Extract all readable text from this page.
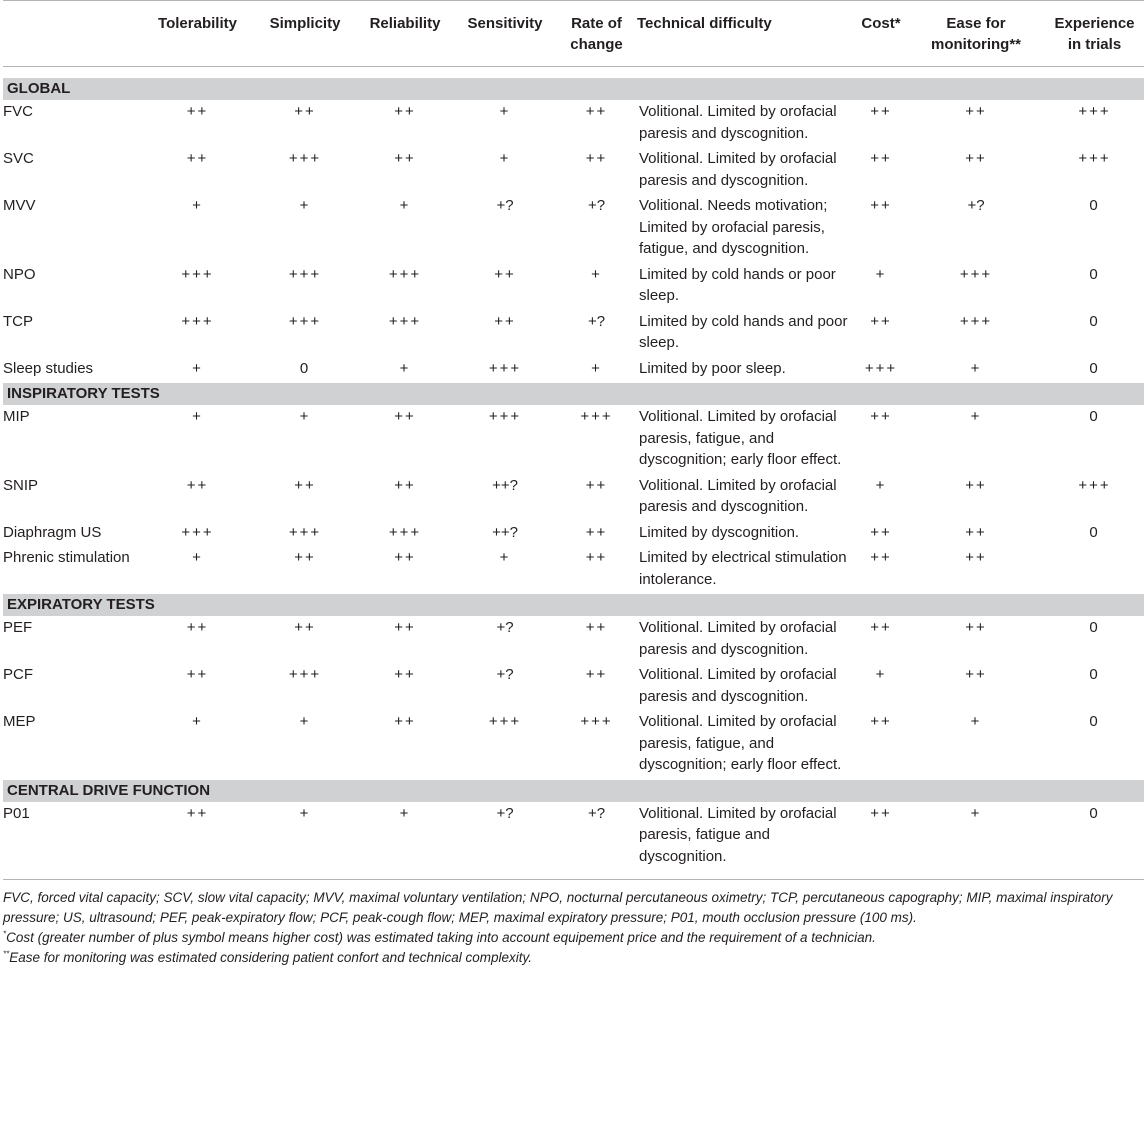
	Tolerability	Simplicity	Reliability	Sensitivity	Rate of change	Technical difficulty	Cost*	Ease for monitoring**	Experience in trials

GLOBAL									
FVC	++	++	++	+	++	Volitional. Limited by orofacial paresis and dyscognition.	++	++	+++
SVC	++	+++	++	+	++	Volitional. Limited by orofacial paresis and dyscognition.	++	++	+++
MVV	+	+	+	+?	+?	Volitional. Needs motivation; Limited by orofacial paresis, fatigue, and dyscognition.	++	+?	0
NPO	+++	+++	+++	++	+	Limited by cold hands or poor sleep.	+	+++	0
TCP	+++	+++	+++	++	+?	Limited by cold hands and poor sleep.	++	+++	0
Sleep studies	+	0	+	+++	+	Limited by poor sleep.	+++	+	0
INSPIRATORY TESTS									
MIP	+	+	++	+++	+++	Volitional. Limited by orofacial paresis, fatigue, and dyscognition; early floor effect.	++	+	0
SNIP	++	++	++	++?	++	Volitional. Limited by orofacial paresis and dyscognition.	+	++	+++
Diaphragm US	+++	+++	+++	++?	++	Limited by dyscognition.	++	++	0
Phrenic stimulation	+	++	++	+	++	Limited by electrical stimulation intolerance.	++	++	
EXPIRATORY TESTS									
PEF	++	++	++	+?	++	Volitional. Limited by orofacial paresis and dyscognition.	++	++	0
PCF	++	+++	++	+?	++	Volitional. Limited by orofacial paresis and dyscognition.	+	++	0
MEP	+	+	++	+++	+++	Volitional. Limited by orofacial paresis, fatigue, and dyscognition; early floor effect.	++	+	0
CENTRAL DRIVE FUNCTION									
P01	++	+	+	+?	+?	Volitional. Limited by orofacial paresis, fatigue and dyscognition.	++	+	0

FVC, forced vital capacity; SCV, slow vital capacity; MVV, maximal voluntary ventilation; NPO, nocturnal percutaneous oximetry; TCP, percutaneous capography; MIP, maximal inspiratory pressure; US, ultrasound; PEF, peak-expiratory flow; PCF, peak-cough flow; MEP, maximal expiratory pressure; P01, mouth occlusion pressure (100 ms).

*Cost (greater number of plus symbol means higher cost) was estimated taking into account equipement price and the requirement of a technician.

**Ease for monitoring was estimated considering patient confort and technical complexity.
